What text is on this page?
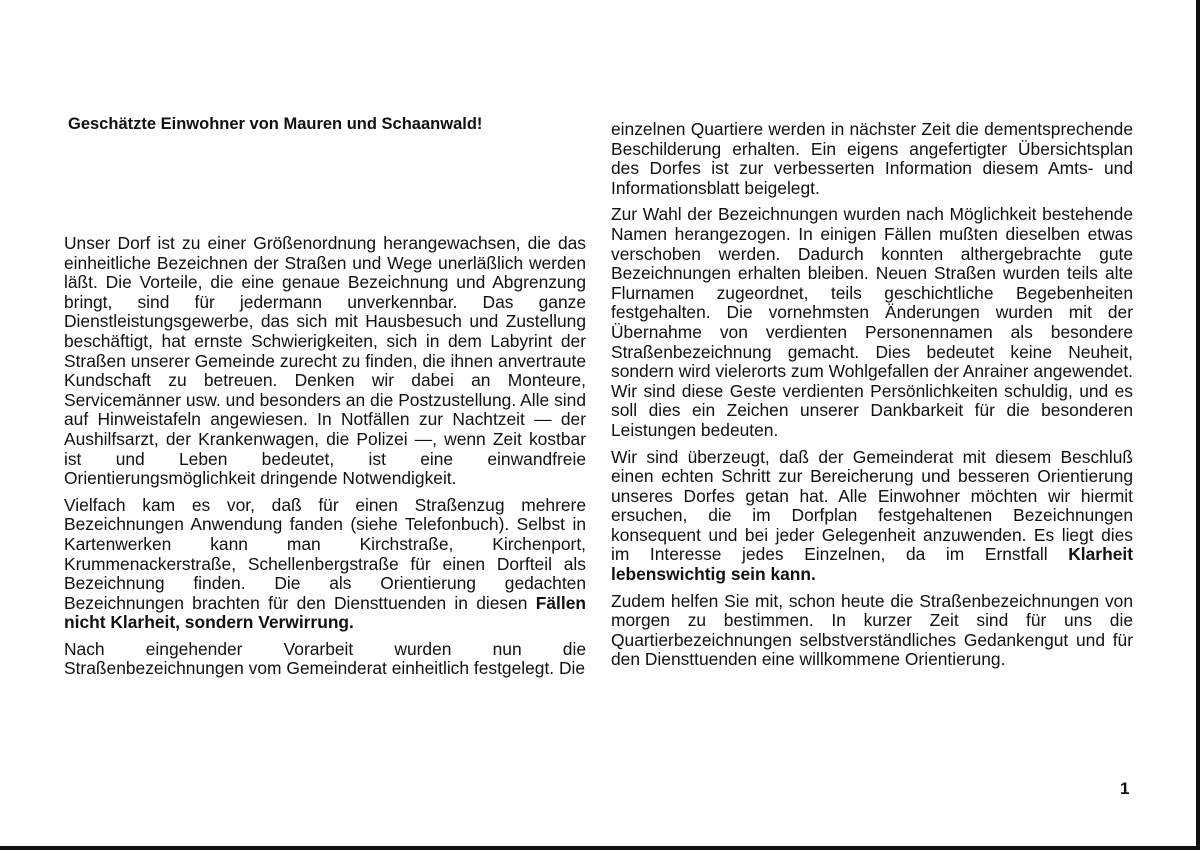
Geschätzte Einwohner von Mauren und Schaanwald!

Unser Dorf ist zu einer Größenordnung herangewachsen, die das einheitliche Bezeichnen der Straßen und Wege unerläßlich werden läßt. Die Vorteile, die eine genaue Bezeichnung und Abgrenzung bringt, sind für jedermann unverkennbar. Das ganze Dienstleistungsgewerbe, das sich mit Hausbesuch und Zustellung beschäftigt, hat ernste Schwierigkeiten, sich in dem Labyrint der Straßen unserer Gemeinde zurecht zu finden, die ihnen anvertraute Kundschaft zu betreuen. Denken wir dabei an Monteure, Servicemänner usw. und besonders an die Postzustellung. Alle sind auf Hinweistafeln angewiesen. In Notfällen zur Nachtzeit — der Aushilfsarzt, der Krankenwagen, die Polizei —, wenn Zeit kostbar ist und Leben bedeutet, ist eine einwandfreie Orientierungsmöglichkeit dringende Notwendigkeit.

Vielfach kam es vor, daß für einen Straßenzug mehrere Bezeichnungen Anwendung fanden (siehe Telefonbuch). Selbst in Kartenwerken kann man Kirchstraße, Kirchenport, Krummenackerstraße, Schellenbergstraße für einen Dorfteil als Bezeichnung finden. Die als Orientierung gedachten Bezeichnungen brachten für den Diensttuenden in diesen Fällen nicht Klarheit, sondern Verwirrung.

Nach eingehender Vorarbeit wurden nun die Straßenbezeichnungen vom Gemeinderat einheitlich festgelegt. Die

einzelnen Quartiere werden in nächster Zeit die dementsprechende Beschilderung erhalten. Ein eigens angefertigter Übersichtsplan des Dorfes ist zur verbesserten Information diesem Amts- und Informationsblatt beigelegt.

Zur Wahl der Bezeichnungen wurden nach Möglichkeit bestehende Namen herangezogen. In einigen Fällen mußten dieselben etwas verschoben werden. Dadurch konnten althergebrachte gute Bezeichnungen erhalten bleiben. Neuen Straßen wurden teils alte Flurnamen zugeordnet, teils geschichtliche Begebenheiten festgehalten. Die vornehmsten Änderungen wurden mit der Übernahme von verdienten Personennamen als besondere Straßenbezeichnung gemacht. Dies bedeutet keine Neuheit, sondern wird vielerorts zum Wohlgefallen der Anrainer angewendet. Wir sind diese Geste verdienten Persönlichkeiten schuldig, und es soll dies ein Zeichen unserer Dankbarkeit für die besonderen Leistungen bedeuten.

Wir sind überzeugt, daß der Gemeinderat mit diesem Beschluß einen echten Schritt zur Bereicherung und besseren Orientierung unseres Dorfes getan hat. Alle Einwohner möchten wir hiermit ersuchen, die im Dorfplan festgehaltenen Bezeichnungen konsequent und bei jeder Gelegenheit anzuwenden. Es liegt dies im Interesse jedes Einzelnen, da im Ernstfall Klarheit lebenswichtig sein kann.

Zudem helfen Sie mit, schon heute die Straßenbezeichnungen von morgen zu bestimmen. In kurzer Zeit sind für uns die Quartierbezeichnungen selbstverständliches Gedankengut und für den Diensttuenden eine willkommene Orientierung.

1
